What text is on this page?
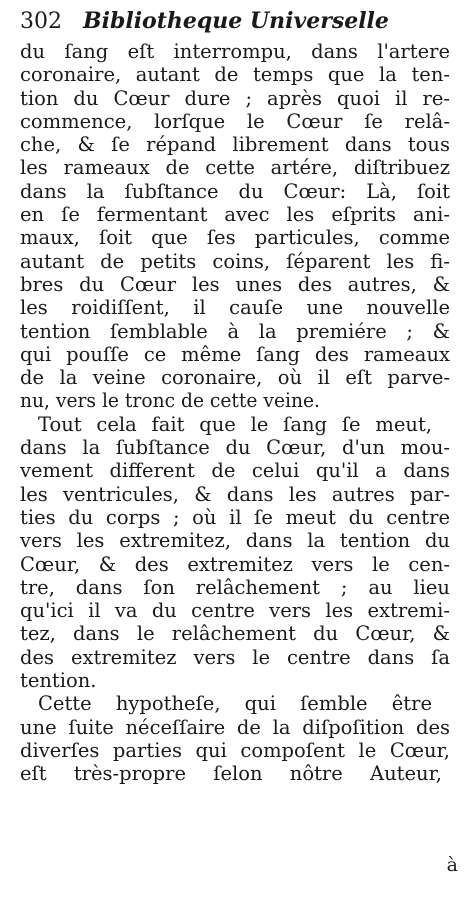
302 Bibliotheque Universelle
du ſang eſt interrompu, dans l'artere
coronaire, autant de temps que la ten-
tion du Cœur dure ; après quoi il re-
commence, lorſque le Cœur ſe relâ-
che, & ſe répand librement dans tous
les rameaux de cette artére, diſtribuez
dans la ſubſtance du Cœur: Là, ſoit
en ſe fermentant avec les eſprits ani-
maux, ſoit que ſes particules, comme
autant de petits coins, ſéparent les fi-
bres du Cœur les unes des autres, &
les roidiſſent, il cauſe une nouvelle
tention ſemblable à la premiére ; &
qui pouſſe ce même ſang des rameaux
de la veine coronaire, où il eſt parve-
nu, vers le tronc de cette veine.
Tout cela fait que le ſang ſe meut,
dans la ſubſtance du Cœur, d'un mou-
vement different de celui qu'il a dans
les ventricules, & dans les autres par-
ties du corps ; où il ſe meut du centre
vers les extremitez, dans la tention du
Cœur, & des extremitez vers le cen-
tre, dans ſon relâchement ; au lieu
qu'ici il va du centre vers les extremi-
tez, dans le relâchement du Cœur, &
des extremitez vers le centre dans ſa
tention.
Cette hypotheſe, qui ſemble être
une ſuite néceſſaire de la diſpoſition des
diverſes parties qui compoſent le Cœur,
eſt très-propre ſelon nôtre Auteur,
à
